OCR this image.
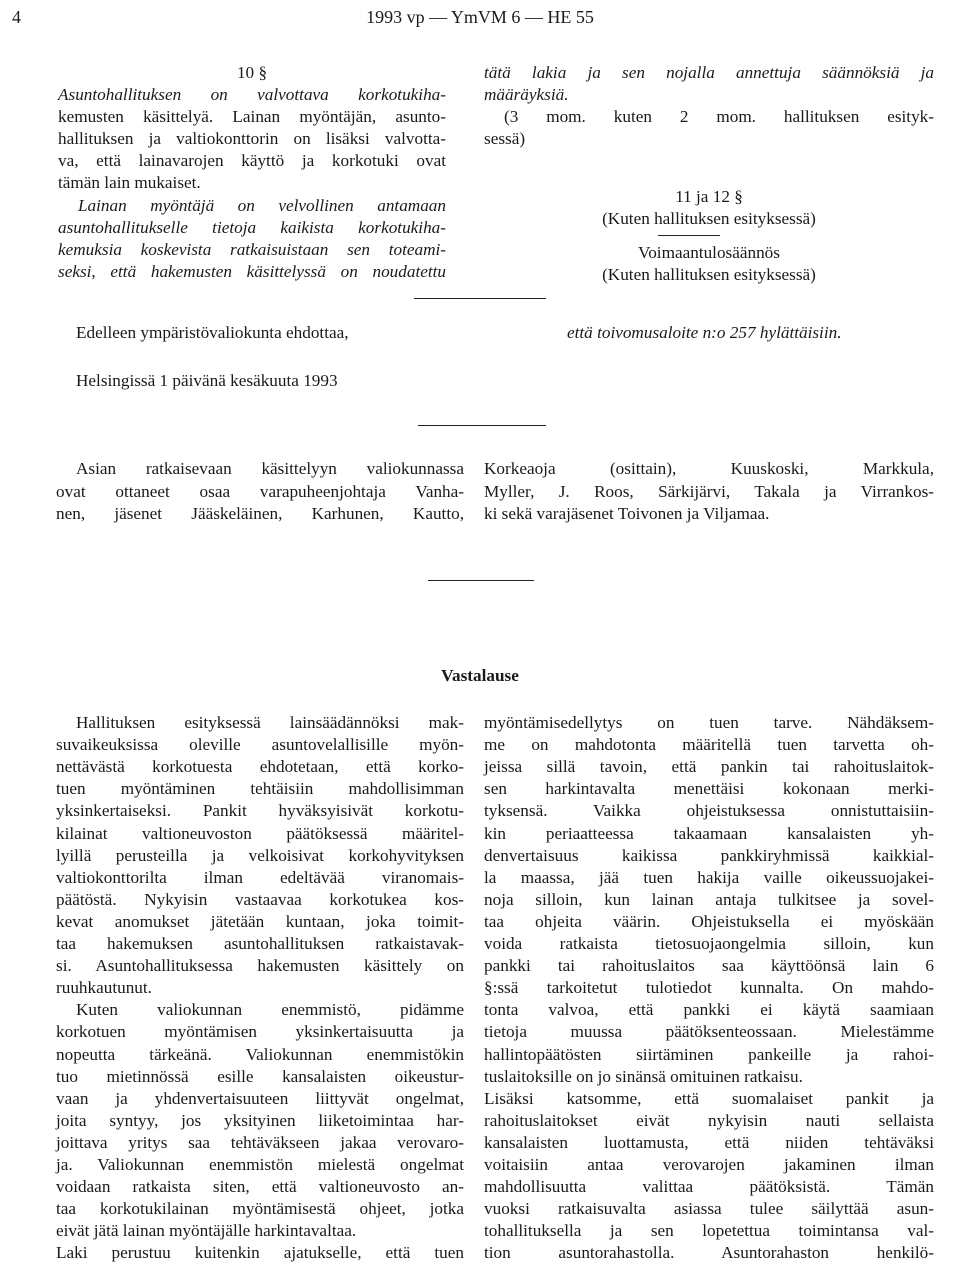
4	1993 vp — YmVM 6 — HE 55
10 §
Asuntohallituksen on valvottava korkotukiha-
kemusten käsittelyä. Lainan myöntäjän, asunto-
hallituksen ja valtiokonttorin on lisäksi valvotta-
va, että lainavarojen käyttö ja korkotuki ovat
tämän lain mukaiset.
Lainan myöntäjä on velvollinen antamaan
asuntohallitukselle tietoja kaikista korkotukiha-
kemuksia koskevista ratkaisuistaan sen toteami-
seksi, että hakemusten käsittelyssä on noudatettu
tätä lakia ja sen nojalla annettuja säännöksiä ja
määräyksiä.
(3 mom. kuten 2 mom. hallituksen esityk-
sessä)
11 ja 12 §
(Kuten hallituksen esityksessä)
Voimaantulosäännös
(Kuten hallituksen esityksessä)
Edelleen ympäristövaliokunta ehdottaa,	että toivomusaloite n:o 257 hylättäisiin.
Helsingissä 1 päivänä kesäkuuta 1993
Asian ratkaisevaan käsittelyyn valiokunnassa
ovat ottaneet osaa varapuheenjohtaja Vanha-
nen, jäsenet Jääskeläinen, Karhunen, Kautto,
Korkeaoja (osittain), Kuuskoski, Markkula,
Myller, J. Roos, Särkijärvi, Takala ja Virrankos-
ki sekä varajäsenet Toivonen ja Viljamaa.
Vastalause
Hallituksen esityksessä lainsäädännöksi mak-
suvaikeuksissa oleville asuntovelallisille myön-
nettävästä korkotuesta ehdotetaan, että korko-
tuen myöntäminen tehtäisiin mahdollisimman
yksinkertaiseksi. Pankit hyväksyisivät korkotu-
kilainat valtioneuvoston päätöksessä määritel-
lyillä perusteilla ja velkoisivat korkohyvityksen
valtiokonttorilta ilman edeltävää viranomais-
päätöstä. Nykyisin vastaavaa korkotukea kos-
kevat anomukset jätetään kuntaan, joka toimit-
taa hakemuksen asuntohallituksen ratkaistavak-
si. Asuntohallituksessa hakemusten käsittely on
ruuhkautunut.
Kuten valiokunnan enemmistö, pidämme
korkotuen myöntämisen yksinkertaisuutta ja
nopeutta tärkeänä. Valiokunnan enemmistökin
tuo mietinnössä esille kansalaisten oikeustur-
vaan ja yhdenvertaisuuteen liittyvät ongelmat,
joita syntyy, jos yksityinen liiketoimintaa har-
joittava yritys saa tehtäväkseen jakaa verovaro-
ja. Valiokunnan enemmistön mielestä ongelmat
voidaan ratkaista siten, että valtioneuvosto an-
taa korkotukilainan myöntämisestä ohjeet, jotka
eivät jätä lainan myöntäjälle harkintavaltaa.
Laki perustuu kuitenkin ajatukselle, että tuen
myöntämisedellytys on tuen tarve. Nähdäksem-
me on mahdotonta määritellä tuen tarvetta oh-
jeissa sillä tavoin, että pankin tai rahoituslaitok-
sen harkintavalta menettäisi kokonaan merki-
tyksensä. Vaikka ohjeistuksessa onnistuttaisiin-
kin periaatteessa takaamaan kansalaisten yh-
denvertaisuus kaikissa pankkiryhmissä kaikkial-
la maassa, jää tuen hakija vaille oikeussuojakei-
noja silloin, kun lainan antaja tulkitsee ja sovel-
taa ohjeita väärin. Ohjeistuksella ei myöskään
voida ratkaista tietosuojaongelmia silloin, kun
pankki tai rahoituslaitos saa käyttöönsä lain 6
§:ssä tarkoitetut tulotiedot kunnalta. On mahdo-
tonta valvoa, että pankki ei käytä saamiaan
tietoja muussa päätöksenteossaan. Mielestämme
hallintopäätösten siirtäminen pankeille ja rahoi-
tuslaitoksille on jo sinänsä omituinen ratkaisu.
Lisäksi katsomme, että suomalaiset pankit ja
rahoituslaitokset eivät nykyisin nauti sellaista
kansalaisten luottamusta, että niiden tehtäväksi
voitaisiin antaa verovarojen jakaminen ilman
mahdollisuutta valittaa päätöksistä. Tämän
vuoksi ratkaisuvalta asiassa tulee säilyttää asun-
tohallituksella ja sen lopetettua toimintansa val-
tion asuntorahastolla. Asuntorahaston henkilö-
